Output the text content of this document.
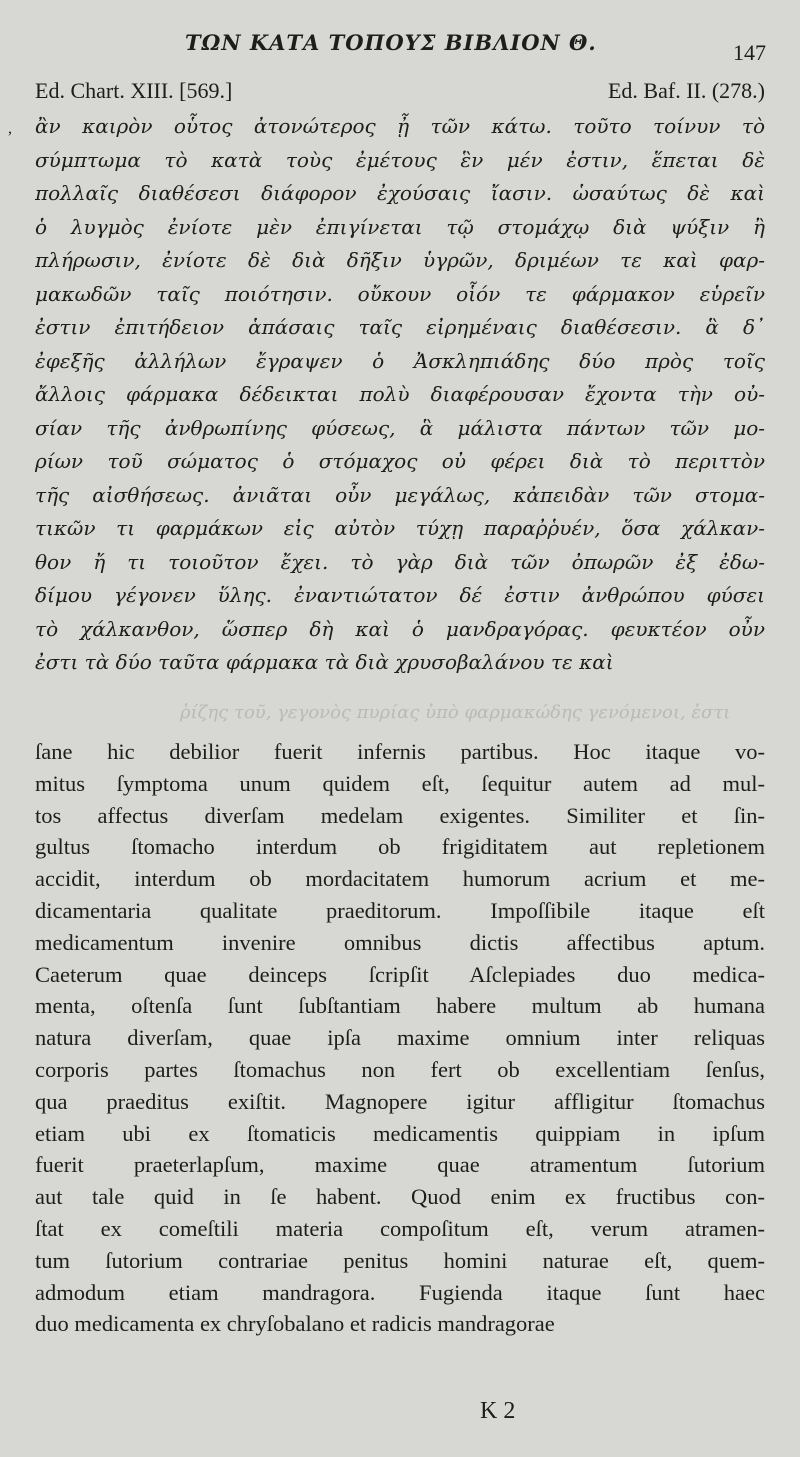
ΤΩΝ ΚΑΤΑ ΤΟΠΟΥΣ ΒΙΒΛΙΟΝ Θ.	147
Ed. Chart. XIII. [569.]	Ed. Baf. II. (278.)
, ἂν καιρὸν οὗτος ἀτονώτερος ᾖ τῶν κάτω. τοῦτο τοίνυν τὸ
σύμπτωμα τὸ κατὰ τοὺς ἐμέτους ἓν μέν ἐστιν, ἕπεται δὲ
πολλαῖς διαθέσεσι διάφορον ἐχούσαις ἴασιν. ὡσαύτως δὲ καὶ
ὁ λυγμὸς ἐνίοτε μὲν ἐπιγίνεται τῷ στομάχῳ διὰ ψύξιν ἢ
πλήρωσιν, ἐνίοτε δὲ διὰ δῆξιν ὑγρῶν, δριμέων τε καὶ φαρ-
μακωδῶν ταῖς ποιότησιν. οὔκουν οἷόν τε φάρμακον εὑρεῖν
ἐστιν ἐπιτήδειον ἁπάσαις ταῖς εἰρημέναις διαθέσεσιν. ἃ δ᾽
ἐφεξῆς ἀλλήλων ἔγραψεν ὁ Ἀσκληπιάδης δύο πρὸς τοῖς
ἄλλοις φάρμακα δέδεικται πολὺ διαφέρουσαν ἔχοντα τὴν οὐ-
σίαν τῆς ἀνθρωπίνης φύσεως, ἃ μάλιστα πάντων τῶν μο-
ρίων τοῦ σώματος ὁ στόμαχος οὐ φέρει διὰ τὸ περιττὸν
τῆς αἰσθήσεως. ἀνιᾶται οὖν μεγάλως, κἀπειδὰν τῶν στομα-
τικῶν τι φαρμάκων εἰς αὐτὸν τύχῃ παραῤῥυέν, ὅσα χάλκαν-
θον ἤ τι τοιοῦτον ἔχει. τὸ γὰρ διὰ τῶν ὀπωρῶν ἐξ ἐδω-
δίμου γέγονεν ὕλης. ἐναντιώτατον δέ ἐστιν ἀνθρώπου φύσει
τὸ χάλκανθον, ὥσπερ δὴ καὶ ὁ μανδραγόρας. φευκτέον οὖν
ἐστι τὰ δύο ταῦτα φάρμακα τὰ διὰ χρυσοβαλάνου τε καὶ
ῥίζης τοῦ, γεγονὸς πυρίας ὑπὸ φαρμακώδης γενόμενοι, ἐστι
ſane hic debilior fuerit infernis partibus. Hoc itaque vo-
mitus ſymptoma unum quidem eſt, ſequitur autem ad mul-
tos affectus diverſam medelam exigentes. Similiter et ſin-
gultus ſtomacho interdum ob frigiditatem aut repletionem
accidit, interdum ob mordacitatem humorum acrium et me-
dicamentaria qualitate praeditorum. Impoſſibile itaque eſt
medicamentum invenire omnibus dictis affectibus aptum.
Caeterum quae deinceps ſcripſit Aſclepiades duo medica-
menta, oſtenſa ſunt ſubſtantiam habere multum ab humana
natura diverſam, quae ipſa maxime omnium inter reliquas
corporis partes ſtomachus non fert ob excellentiam ſenſus,
qua praeditus exiſtit. Magnopere igitur affligitur ſtomachus
etiam ubi ex ſtomaticis medicamentis quippiam in ipſum
fuerit praeterlapſum, maxime quae atramentum ſutorium
aut tale quid in ſe habent. Quod enim ex fructibus con-
ſtat ex comeſtili materia compoſitum eſt, verum atramen-
tum ſutorium contrariae penitus homini naturae eſt, quem-
admodum etiam mandragora. Fugienda itaque ſunt haec
duo medicamenta ex chryſobalano et radicis mandragorae
K 2
